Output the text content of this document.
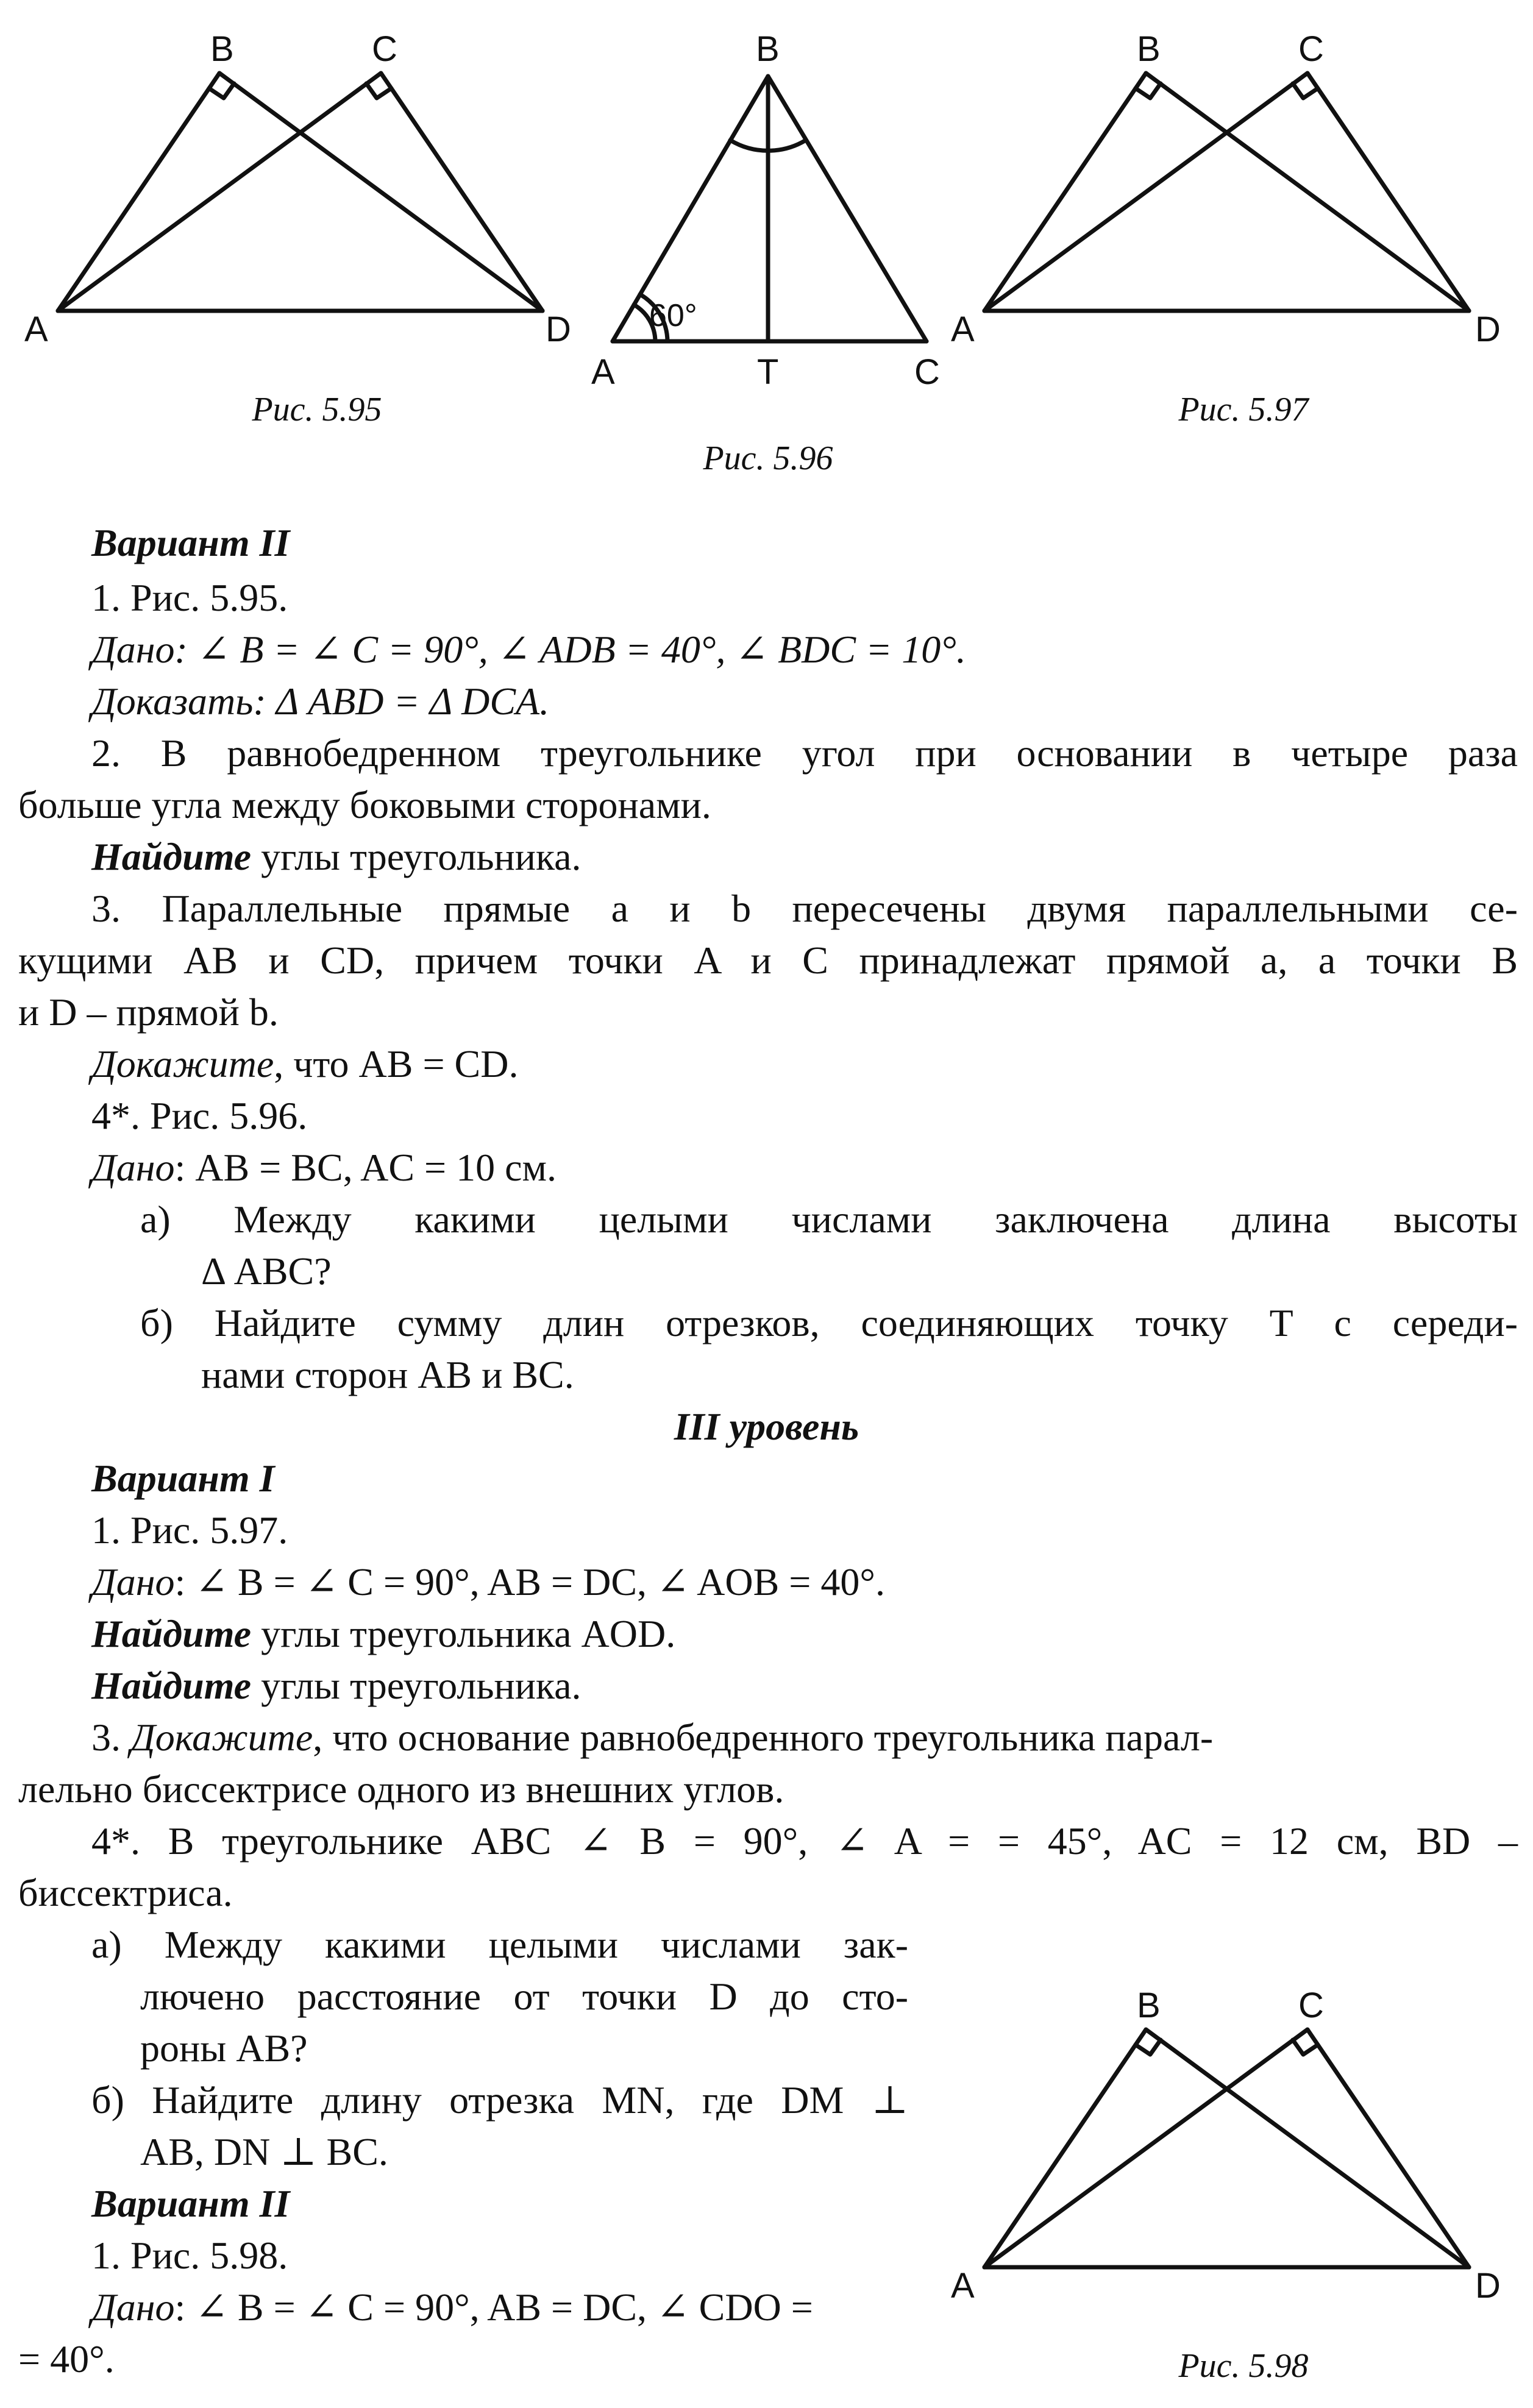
B	C
A	D
Рис. 5.95
B
A	T	C
60°
Рис. 5.96
B	C
A	D
Рис. 5.97
Вариант II
1. Рис. 5.95.
Дано: ∠ B = ∠ C = 90°, ∠ ADB = 40°, ∠ BDC = 10°.
Доказать: Δ ABD = Δ DCA.
2. В равнобедренном треугольнике угол при основании в четыре раза
больше угла между боковыми сторонами.
Найдите углы треугольника.
3. Параллельные прямые a и b пересечены двумя параллельными се-
кущими AB и CD, причем точки A и C принадлежат прямой a, а точки B
и D – прямой b.
Докажите, что AB = CD.
4*. Рис. 5.96.
Дано: AB = BC, AC = 10 см.
а) Между какими целыми числами заключена длина высоты
Δ ABC?
б) Найдите сумму длин отрезков, соединяющих точку T с середи-
нами сторон AB и BC.
III уровень
Вариант I
1. Рис. 5.97.
Дано: ∠ B = ∠ C = 90°, AB = DC, ∠ AOB = 40°.
Найдите углы треугольника AOD.
Найдите углы треугольника.
3. Докажите, что основание равнобедренного треугольника парал-
лельно биссектрисе одного из внешних углов.
4*. В треугольнике ABC ∠ B = 90°, ∠ A = = 45°, AC = 12 см, BD –
биссектриса.
а) Между какими целыми числами зак-
лючено расстояние от точки D до сто-
роны AB?
б) Найдите длину отрезка MN, где DM ⊥
AB, DN ⊥ BC.
Вариант II
1. Рис. 5.98.
Дано: ∠ B = ∠ C = 90°, AB = DC, ∠ CDO =
= 40°.
B	C
A	D
Рис. 5.98
